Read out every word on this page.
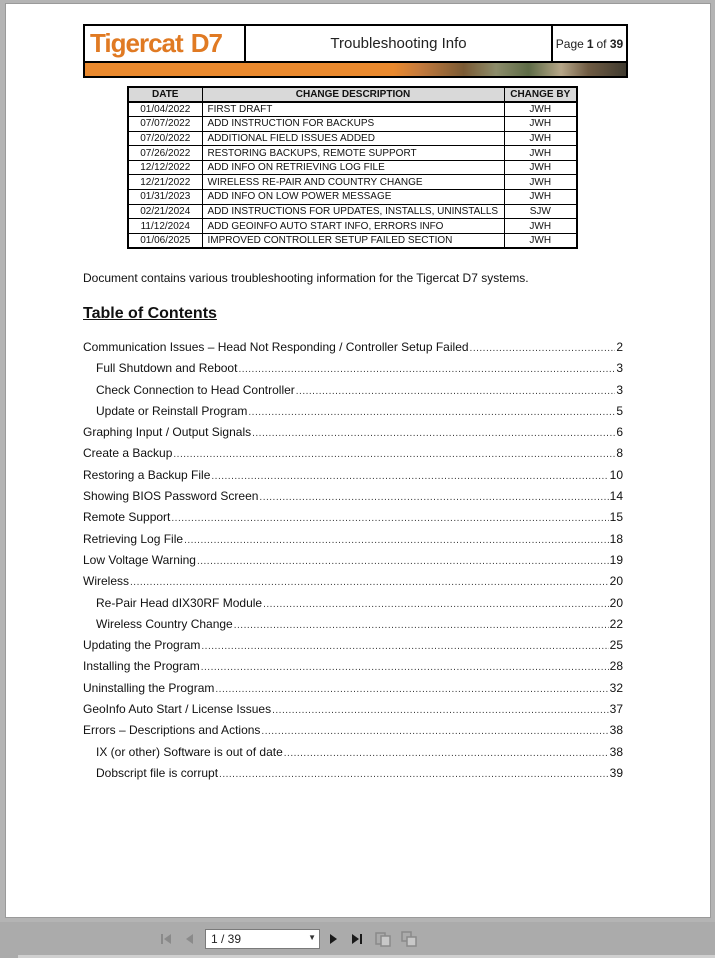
Tigercat D7	Troubleshooting Info	Page 1 of
39
DATE	CHANGE DESCRIPTION	CHANGE BY
01/04/2022	FIRST DRAFT	JWH
07/07/2022	ADD INSTRUCTION FOR BACKUPS	JWH
07/20/2022	ADDITIONAL FIELD ISSUES ADDED	JWH
07/26/2022	RESTORING BACKUPS, REMOTE SUPPORT	JWH
12/12/2022	ADD INFO ON RETRIEVING LOG FILE	JWH
12/21/2022	WIRELESS RE-PAIR AND COUNTRY CHANGE	JWH
01/31/2023	ADD INFO ON LOW POWER MESSAGE	JWH
02/21/2024	ADD INSTRUCTIONS FOR UPDATES, INSTALLS, UNINSTALLS	SJW
11/12/2024	ADD GEOINFO AUTO START INFO, ERRORS INFO	JWH
01/06/2025	IMPROVED CONTROLLER SETUP FAILED SECTION	JWH
Document contains various troubleshooting information for the Tigercat D7 systems.
Table of Contents
Communication Issues – Head Not Responding / Controller Setup Failed .....	2
Full Shutdown and Reboot .....	3
Check Connection to Head Controller .....	3
Update or Reinstall Program .....	5
Graphing Input / Output Signals .....	6
Create a Backup .....	8
Restoring a Backup File .....	10
Showing BIOS Password Screen .....	14
Remote Support .....	15
Retrieving Log File .....	18
Low Voltage Warning .....	19
Wireless .....	20
Re-Pair Head dIX30RF Module .....	20
Wireless Country Change .....	22
Updating the Program .....	25
Installing the Program .....	28
Uninstalling the Program .....	32
GeoInfo Auto Start / License Issues .....	37
Errors – Descriptions and Actions .....	38
IX (or other) Software is out of date .....	38
Dobscript file is corrupt .....	39
1 / 39	▼
